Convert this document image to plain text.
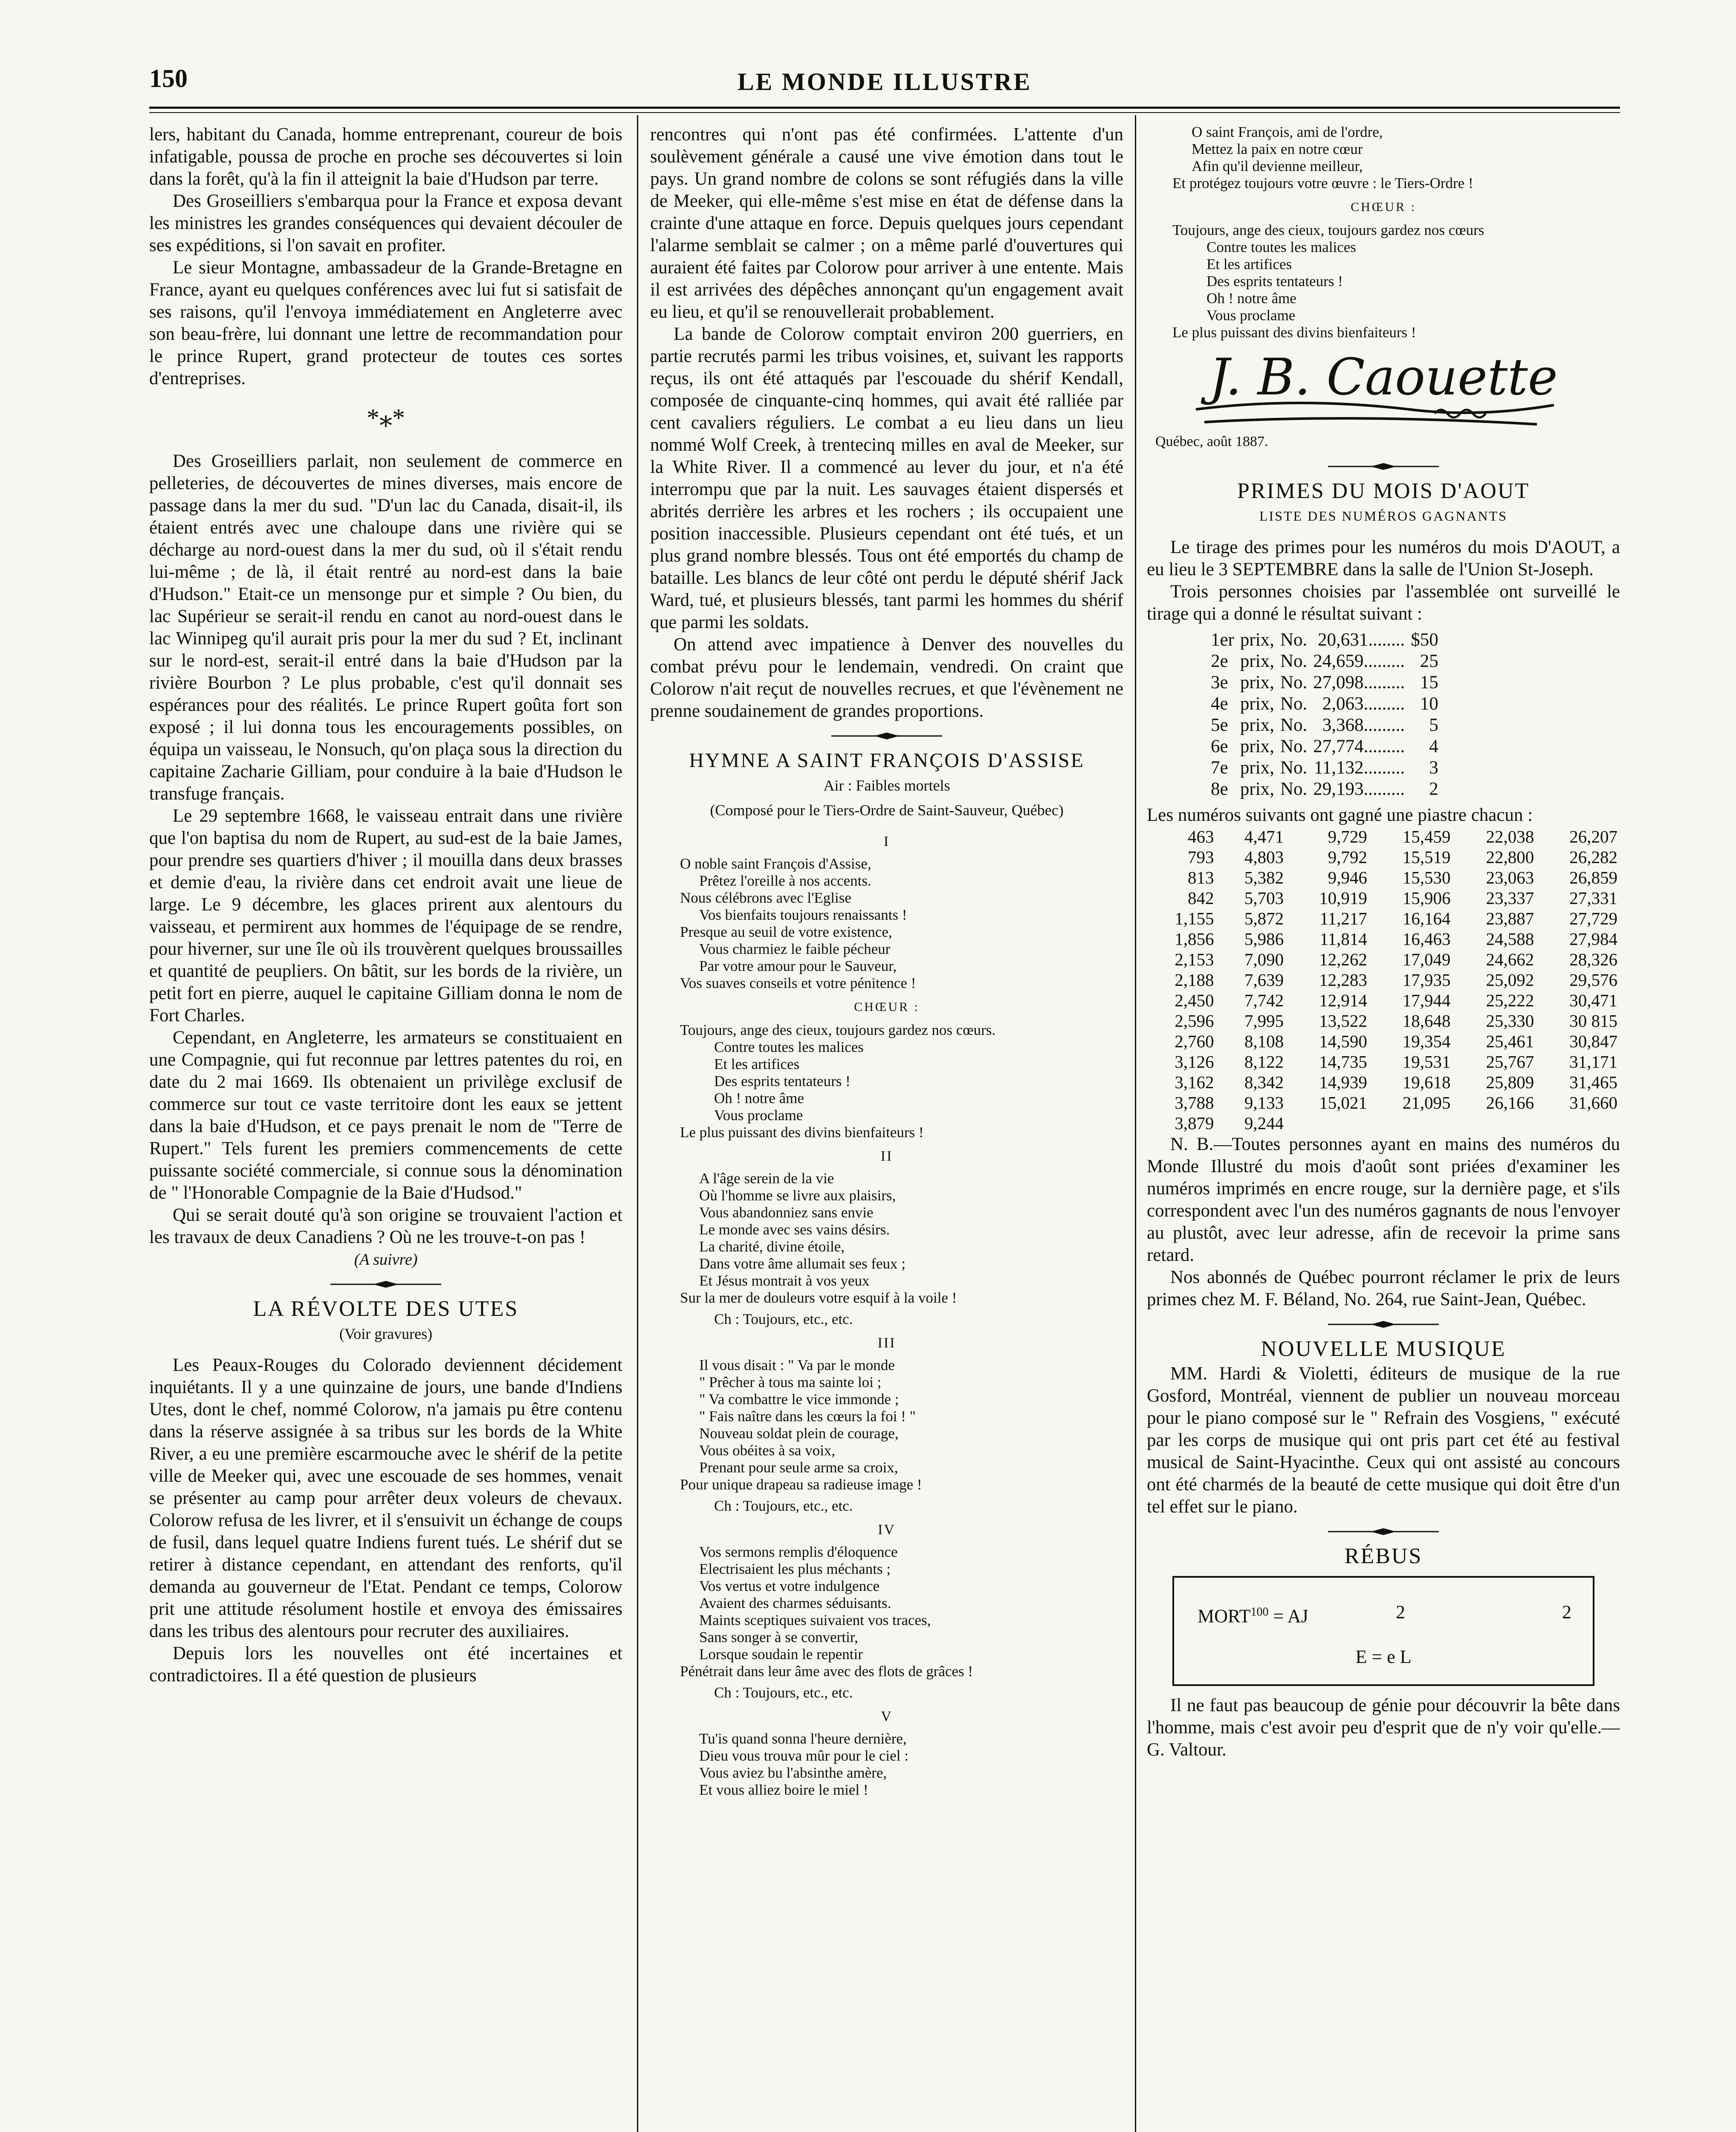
150	LE MONDE ILLUSTRE

lers, habitant du Canada, homme entreprenant, coureur de bois infatigable, poussa de proche en proche ses découvertes si loin dans la forêt, qu'à la fin il atteignit la baie d'Hudson par terre.

Des Groseilliers s'embarqua pour la France et exposa devant les ministres les grandes conséquences qui devaient découler de ses expéditions, si l'on savait en profiter.

Le sieur Montagne, ambassadeur de la Grande-Bretagne en France, ayant eu quelques conférences avec lui fut si satisfait de ses raisons, qu'il l'envoya immédiatement en Angleterre avec son beau-frère, lui donnant une lettre de recommandation pour le prince Rupert, grand protecteur de toutes ces sortes d'entreprises.

*⁎*

Des Groseilliers parlait, non seulement de commerce en pelleteries, de découvertes de mines diverses, mais encore de passage dans la mer du sud. "D'un lac du Canada, disait-il, ils étaient entrés avec une chaloupe dans une rivière qui se décharge au nord-ouest dans la mer du sud, où il s'était rendu lui-même ; de là, il était rentré au nord-est dans la baie d'Hudson." Etait-ce un mensonge pur et simple ? Ou bien, du lac Supérieur se serait-il rendu en canot au nord-ouest dans le lac Winnipeg qu'il aurait pris pour la mer du sud ? Et, inclinant sur le nord-est, serait-il entré dans la baie d'Hudson par la rivière Bourbon ? Le plus probable, c'est qu'il donnait ses espérances pour des réalités. Le prince Rupert goûta fort son exposé ; il lui donna tous les encouragements possibles, on équipa un vaisseau, le Nonsuch, qu'on plaça sous la direction du capitaine Zacharie Gilliam, pour conduire à la baie d'Hudson le transfuge français.

Le 29 septembre 1668, le vaisseau entrait dans une rivière que l'on baptisa du nom de Rupert, au sud-est de la baie James, pour prendre ses quartiers d'hiver ; il mouilla dans deux brasses et demie d'eau, la rivière dans cet endroit avait une lieue de large. Le 9 décembre, les glaces prirent aux alentours du vaisseau, et permirent aux hommes de l'équipage de se rendre, pour hiverner, sur une île où ils trouvèrent quelques broussailles et quantité de peupliers. On bâtit, sur les bords de la rivière, un petit fort en pierre, auquel le capitaine Gilliam donna le nom de Fort Charles.

Cependant, en Angleterre, les armateurs se constituaient en une Compagnie, qui fut reconnue par lettres patentes du roi, en date du 2 mai 1669. Ils obtenaient un privilège exclusif de commerce sur tout ce vaste territoire dont les eaux se jettent dans la baie d'Hudson, et ce pays prenait le nom de "Terre de Rupert." Tels furent les premiers commencements de cette puissante société commerciale, si connue sous la dénomination de " l'Honorable Compagnie de la Baie d'Hudsod."

Qui se serait douté qu'à son origine se trouvaient l'action et les travaux de deux Canadiens ? Où ne les trouve-t-on pas !

(A suivre)
LA RÉVOLTE DES UTES
(Voir gravures)

Les Peaux-Rouges du Colorado deviennent décidement inquiétants. Il y a une quinzaine de jours, une bande d'Indiens Utes, dont le chef, nommé Colorow, n'a jamais pu être contenu dans la réserve assignée à sa tribus sur les bords de la White River, a eu une première escarmouche avec le shérif de la petite ville de Meeker qui, avec une escouade de ses hommes, venait se présenter au camp pour arrêter deux voleurs de chevaux. Colorow refusa de les livrer, et il s'ensuivit un échange de coups de fusil, dans lequel quatre Indiens furent tués. Le shérif dut se retirer à distance cependant, en attendant des renforts, qu'il demanda au gouverneur de l'Etat. Pendant ce temps, Colorow prit une attitude résolument hostile et envoya des émissaires dans les tribus des alentours pour recruter des auxiliaires.

Depuis lors les nouvelles ont été incertaines et contradictoires. Il a été question de plusieurs

rencontres qui n'ont pas été confirmées. L'attente d'un soulèvement générale a causé une vive émotion dans tout le pays. Un grand nombre de colons se sont réfugiés dans la ville de Meeker, qui elle-même s'est mise en état de défense dans la crainte d'une attaque en force. Depuis quelques jours cependant l'alarme semblait se calmer ; on a même parlé d'ouvertures qui auraient été faites par Colorow pour arriver à une entente. Mais il est arrivées des dépêches annonçant qu'un engagement avait eu lieu, et qu'il se renouvellerait probablement.

La bande de Colorow comptait environ 200 guerriers, en partie recrutés parmi les tribus voisines, et, suivant les rapports reçus, ils ont été attaqués par l'escouade du shérif Kendall, composée de cinquante-cinq hommes, qui avait été ralliée par cent cavaliers réguliers. Le combat a eu lieu dans un lieu nommé Wolf Creek, à trentecinq milles en aval de Meeker, sur la White River. Il a commencé au lever du jour, et n'a été interrompu que par la nuit. Les sauvages étaient dispersés et abrités derrière les arbres et les rochers ; ils occupaient une position inaccessible. Plusieurs cependant ont été tués, et un plus grand nombre blessés. Tous ont été emportés du champ de bataille. Les blancs de leur côté ont perdu le député shérif Jack Ward, tué, et plusieurs blessés, tant parmi les hommes du shérif que parmi les soldats.

On attend avec impatience à Denver des nouvelles du combat prévu pour le lendemain, vendredi. On craint que Colorow n'ait reçut de nouvelles recrues, et que l'évènement ne prenne soudainement de grandes proportions.

HYMNE A SAINT FRANÇOIS D'ASSISE
Air : Faibles mortels
(Composé pour le Tiers-Ordre de Saint-Sauveur, Québec)
I
O noble saint François d'Assise,
Prêtez l'oreille à nos accents.
Nous célébrons avec l'Eglise
Vos bienfaits toujours renaissants !
Presque au seuil de votre existence,
Vous charmiez le faible pécheur
Par votre amour pour le Sauveur,
Vos suaves conseils et votre pénitence !
CHŒUR :
Toujours, ange des cieux, toujours gardez nos cœurs.
Contre toutes les malices
Et les artifices
Des esprits tentateurs !
Oh ! notre âme
Vous proclame
Le plus puissant des divins bienfaiteurs !
II
A l'âge serein de la vie
Où l'homme se livre aux plaisirs,
Vous abandonniez sans envie
Le monde avec ses vains désirs.
La charité, divine étoile,
Dans votre âme allumait ses feux ;
Et Jésus montrait à vos yeux
Sur la mer de douleurs votre esquif à la voile !
Ch : Toujours, etc., etc.
III
Il vous disait : " Va par le monde
" Prêcher à tous ma sainte loi ;
" Va combattre le vice immonde ;
" Fais naître dans les cœurs la foi ! "
Nouveau soldat plein de courage,
Vous obéites à sa voix,
Prenant pour seule arme sa croix,
Pour unique drapeau sa radieuse image !
Ch : Toujours, etc., etc.
IV
Vos sermons remplis d'éloquence
Electrisaient les plus méchants ;
Vos vertus et votre indulgence
Avaient des charmes séduisants.
Maints sceptiques suivaient vos traces,
Sans songer à se convertir,
Lorsque soudain le repentir
Pénétrait dans leur âme avec des flots de grâces !
Ch : Toujours, etc., etc.
V
Tu'is quand sonna l'heure dernière,
Dieu vous trouva mûr pour le ciel :
Vous aviez bu l'absinthe amère,
Et vous alliez boire le miel !
O saint François, ami de l'ordre,
Mettez la paix en notre cœur
Afin qu'il devienne meilleur,
Et protégez toujours votre œuvre : le Tiers-Ordre !
CHŒUR :
Toujours, ange des cieux, toujours gardez nos cœurs
Contre toutes les malices
Et les artifices
Des esprits tentateurs !
Oh ! notre âme
Vous proclame
Le plus puissant des divins bienfaiteurs !
J. B. Caouette
Québec, août 1887.
PRIMES DU MOIS D'AOUT
LISTE DES NUMÉROS GAGNANTS

Le tirage des primes pour les numéros du mois D'AOUT, a eu lieu le 3 SEPTEMBRE dans la salle de l'Union St-Joseph.

Trois personnes choisies par l'assemblée ont surveillé le tirage qui a donné le résultat suivant :

1er	prix,	No.	20,631........	$50
2e	prix,	No.	24,659.........	25
3e	prix,	No.	27,098.........	15
4e	prix,	No.	2,063.........	10
5e	prix,	No.	3,368.........	5
6e	prix,	No.	27,774.........	4
7e	prix,	No.	11,132.........	3
8e	prix,	No.	29,193.........	2

Les numéros suivants ont gagné une piastre chacun :

463	4,471	9,729	15,459	22,038	26,207
793	4,803	9,792	15,519	22,800	26,282
813	5,382	9,946	15,530	23,063	26,859
842	5,703	10,919	15,906	23,337	27,331
1,155	5,872	11,217	16,164	23,887	27,729
1,856	5,986	11,814	16,463	24,588	27,984
2,153	7,090	12,262	17,049	24,662	28,326
2,188	7,639	12,283	17,935	25,092	29,576
2,450	7,742	12,914	17,944	25,222	30,471
2,596	7,995	13,522	18,648	25,330	30 815
2,760	8,108	14,590	19,354	25,461	30,847
3,126	8,122	14,735	19,531	25,767	31,171
3,162	8,342	14,939	19,618	25,809	31,465
3,788	9,133	15,021	21,095	26,166	31,660
3,879	9,244				

N. B.—Toutes personnes ayant en mains des numéros du Monde Illustré du mois d'août sont priées d'examiner les numéros imprimés en encre rouge, sur la dernière page, et s'ils correspondent avec l'un des numéros gagnants de nous l'envoyer au plustôt, avec leur adresse, afin de recevoir la prime sans retard.

Nos abonnés de Québec pourront réclamer le prix de leurs primes chez M. F. Béland, No. 264, rue Saint-Jean, Québec.

NOUVELLE MUSIQUE

MM. Hardi & Violetti, éditeurs de musique de la rue Gosford, Montréal, viennent de publier un nouveau morceau pour le piano composé sur le " Refrain des Vosgiens, " exécuté par les corps de musique qui ont pris part cet été au festival musical de Saint-Hyacinthe. Ceux qui ont assisté au concours ont été charmés de la beauté de cette musique qui doit être d'un tel effet sur le piano.

RÉBUS
$MORT^{100}$ = AJ	2	2
E = e L

Il ne faut pas beaucoup de génie pour découvrir la bête dans l'homme, mais c'est avoir peu d'esprit que de n'y voir qu'elle.—G. Valtour.
